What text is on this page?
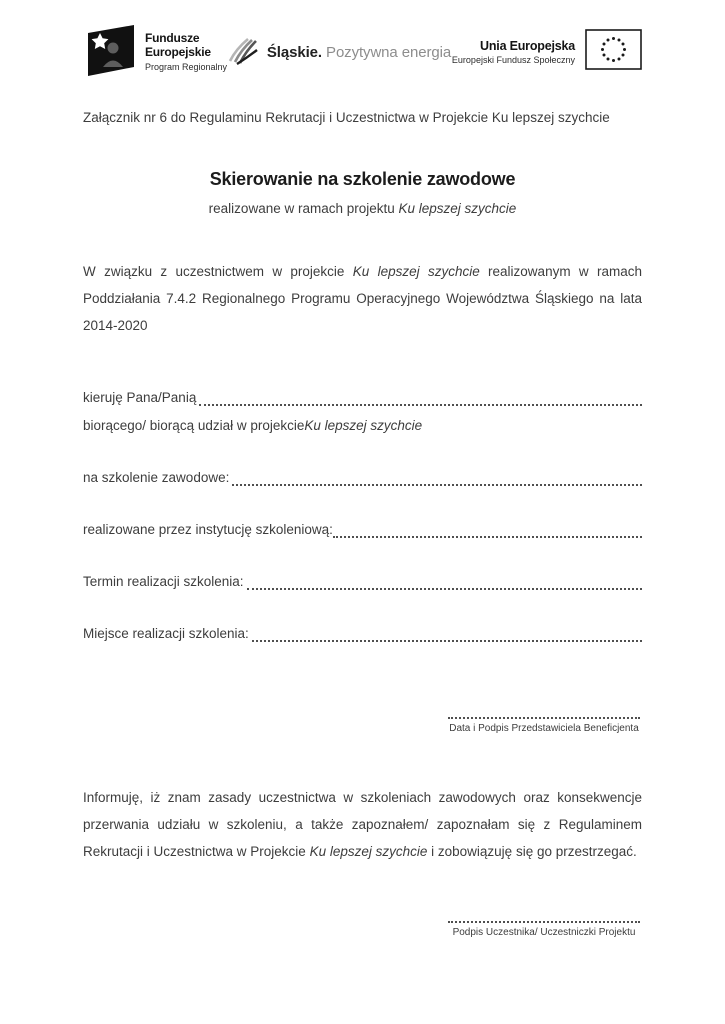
Fundusze
Europejskie
Program Regionalny
Śląskie. Pozytywna energia	Unia Europejska
Europejski Fundusz Społeczny
Załącznik nr 6 do Regulaminu Rekrutacji i Uczestnictwa w Projekcie Ku lepszej szychcie
Skierowanie na szkolenie zawodowe
realizowane w ramach projektu Ku lepszej szychcie

W związku z uczestnictwem w projekcie Ku lepszej szychcie realizowanym w ramach Poddziałania 7.4.2 Regionalnego Programu Operacyjnego Województwa Śląskiego na lata 2014-2020

kieruję Pana/Panią
biorącego/ biorącą udział w projekcie Ku lepszej szychcie
na szkolenie zawodowe:
realizowane przez instytucję szkoleniową:
Termin realizacji szkolenia:
Miejsce realizacji szkolenia:
Data i Podpis Przedstawiciela Beneficjenta

Informuję, iż znam zasady uczestnictwa w szkoleniach zawodowych oraz konsekwencje przerwania udziału w szkoleniu, a także zapoznałem/ zapoznałam się z Regulaminem Rekrutacji i Uczestnictwa w Projekcie Ku lepszej szychcie i zobowiązuję się go przestrzegać.

Podpis Uczestnika/ Uczestniczki Projektu
